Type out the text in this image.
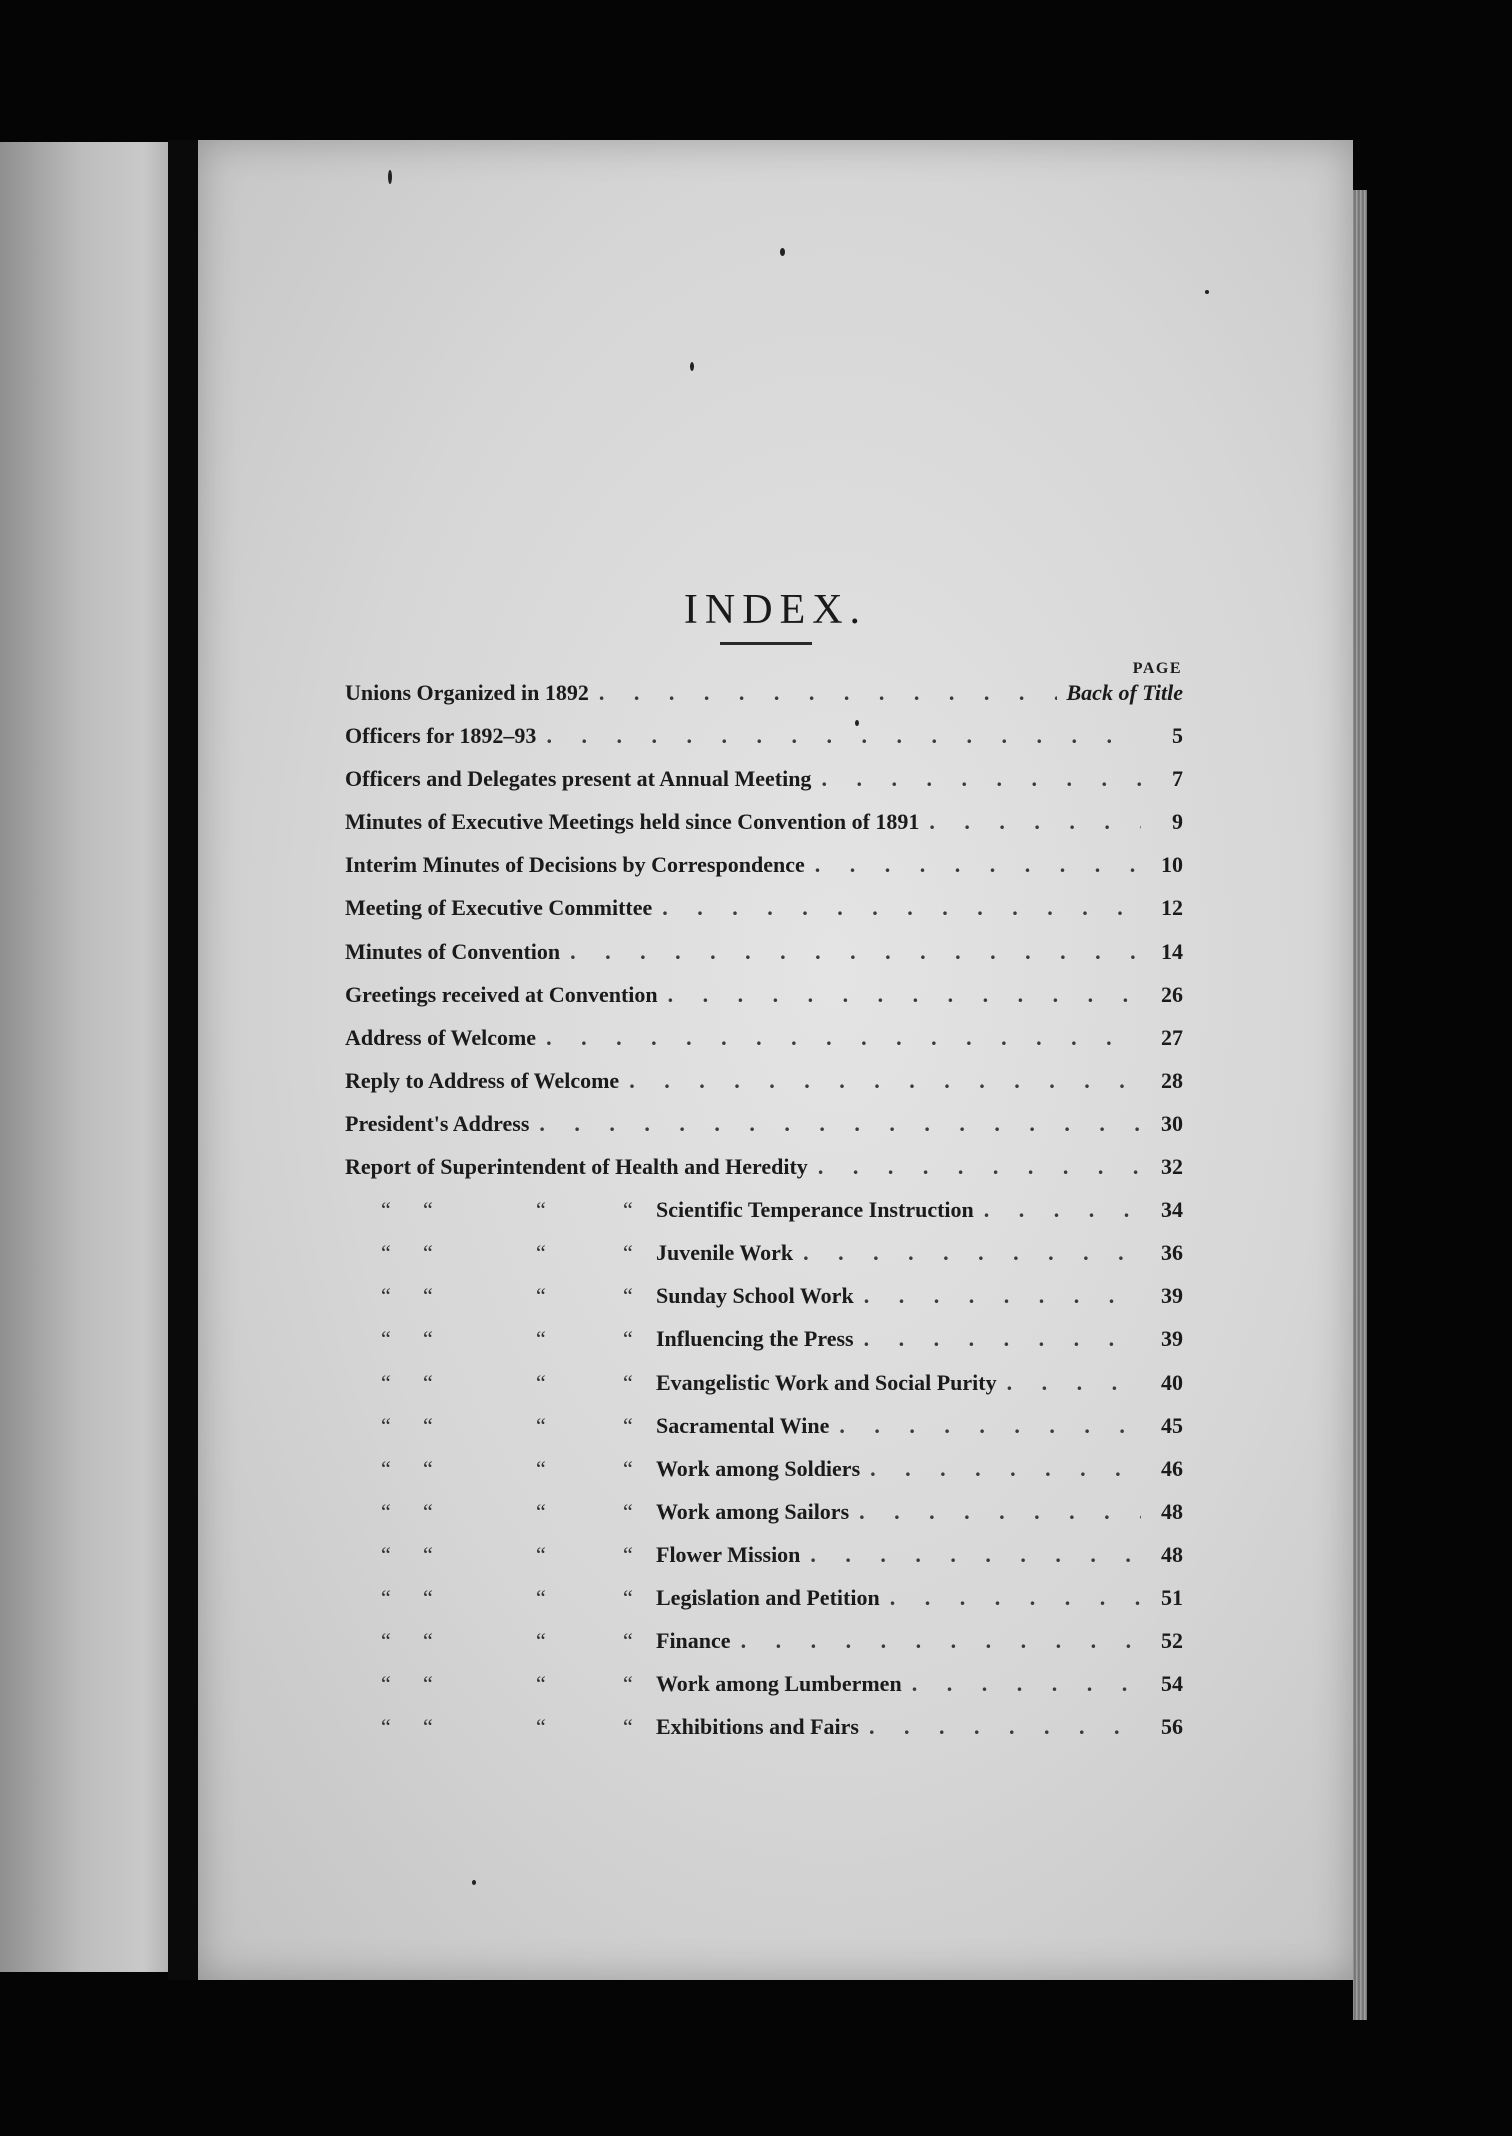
INDEX.
PAGE
Unions Organized in 1892 . . .	Back of Title
Officers for 1892–93 . . .	5
Officers and Delegates present at Annual Meeting . . .	7
Minutes of Executive Meetings held since Convention of 1891 . . .	9
Interim Minutes of Decisions by Correspondence . . .	10
Meeting of Executive Committee . . .	12
Minutes of Convention . . .	14
Greetings received at Convention . . .	26
Address of Welcome . . .	27
Reply to Address of Welcome . . .	28
President's Address . . .	30
Report of Superintendent of Health and Heredity . . .	32
“	“	“	“	Scientific Temperance Instruction . . .	34
“	“	“	“	Juvenile Work . . .	36
“	“	“	“	Sunday School Work . . .	39
“	“	“	“	Influencing the Press . . .	39
“	“	“	“	Evangelistic Work and Social Purity . . .	40
“	“	“	“	Sacramental Wine . . .	45
“	“	“	“	Work among Soldiers . . .	46
“	“	“	“	Work among Sailors . . .	48
“	“	“	“	Flower Mission . . .	48
“	“	“	“	Legislation and Petition . . .	51
“	“	“	“	Finance . . .	52
“	“	“	“	Work among Lumbermen . . .	54
“	“	“	“	Exhibitions and Fairs . . .	56
